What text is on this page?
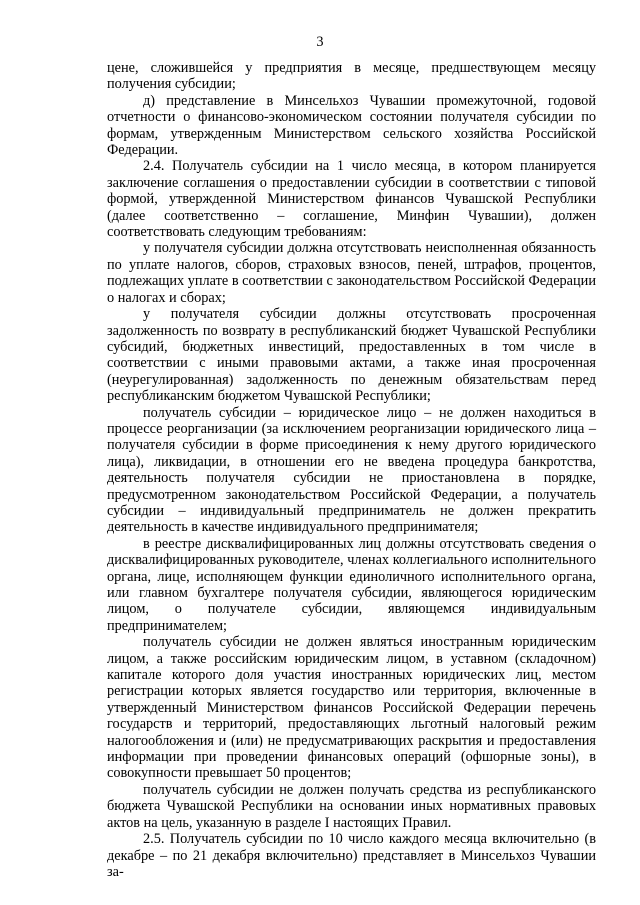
3

цене, сложившейся у предприятия в месяце, предшествующем месяцу получения субсидии;

д) представление в Минсельхоз Чувашии промежуточной, годовой отчетности о финансово-экономическом состоянии получателя субсидии по формам, утвержденным Министерством сельского хозяйства Российской Федерации.

2.4. Получатель субсидии на 1 число месяца, в котором планируется заключение соглашения о предоставлении субсидии в соответствии с типовой формой, утвержденной Министерством финансов Чувашской Республики (далее соответственно – соглашение, Минфин Чувашии), должен соответствовать следующим требованиям:

у получателя субсидии должна отсутствовать неисполненная обязанность по уплате налогов, сборов, страховых взносов, пеней, штрафов, процентов, подлежащих уплате в соответствии с законодательством Российской Федерации о налогах и сборах;

у получателя субсидии должны отсутствовать просроченная задолженность по возврату в республиканский бюджет Чувашской Республики субсидий, бюджетных инвестиций, предоставленных в том числе в соответствии с иными правовыми актами, а также иная просроченная (неурегулированная) задолженность по денежным обязательствам перед республиканским бюджетом Чувашской Республики;

получатель субсидии – юридическое лицо – не должен находиться в процессе реорганизации (за исключением реорганизации юридического лица – получателя субсидии в форме присоединения к нему другого юридического лица), ликвидации, в отношении его не введена процедура банкротства, деятельность получателя субсидии не приостановлена в порядке, предусмотренном законодательством Российской Федерации, а получатель субсидии – индивидуальный предприниматель не должен прекратить деятельность в качестве индивидуального предпринимателя;

в реестре дисквалифицированных лиц должны отсутствовать сведения о дисквалифицированных руководителе, членах коллегиального исполнительного органа, лице, исполняющем функции единоличного исполнительного органа, или главном бухгалтере получателя субсидии, являющегося юридическим лицом, о получателе субсидии, являющемся индивидуальным предпринимателем;

получатель субсидии не должен являться иностранным юридическим лицом, а также российским юридическим лицом, в уставном (складочном) капитале которого доля участия иностранных юридических лиц, местом регистрации которых является государство или территория, включенные в утвержденный Министерством финансов Российской Федерации перечень государств и территорий, предоставляющих льготный налоговый режим налогообложения и (или) не предусматривающих раскрытия и предоставления информации при проведении финансовых операций (офшорные зоны), в совокупности превышает 50 процентов;

получатель субсидии не должен получать средства из республиканского бюджета Чувашской Республики на основании иных нормативных правовых актов на цель, указанную в разделе I настоящих Правил.

2.5. Получатель субсидии по 10 число каждого месяца включительно (в декабре – по 21 декабря включительно) представляет в Минсельхоз Чувашии за-
